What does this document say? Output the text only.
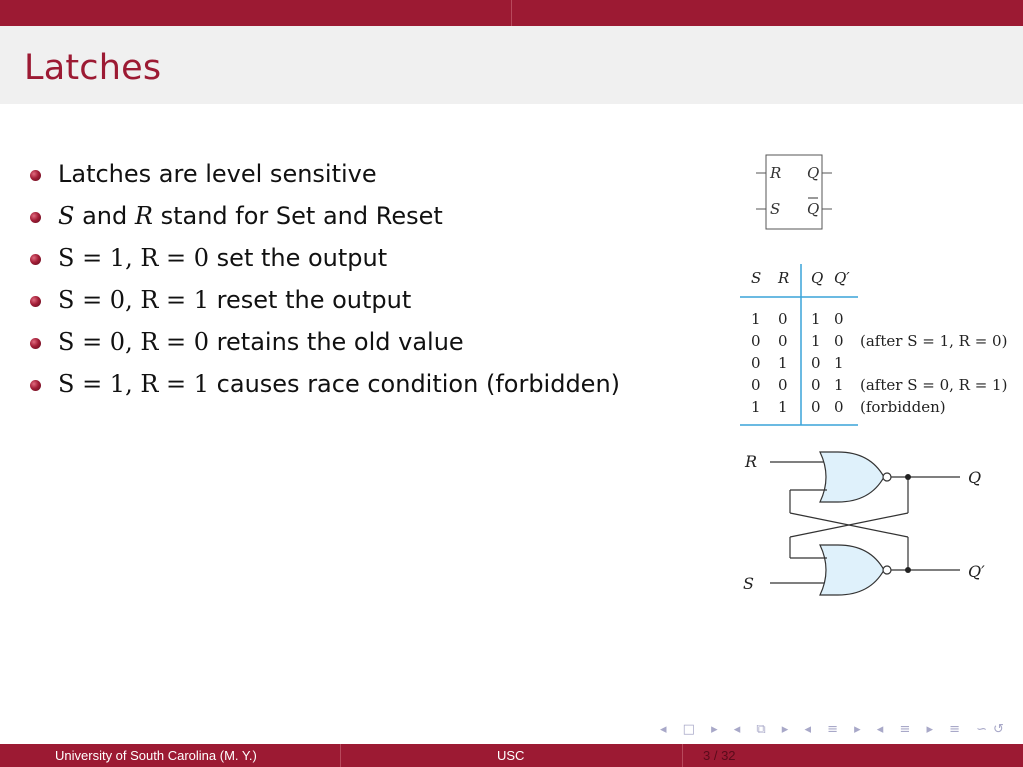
Latches
Latches are level sensitive
S and R stand for Set and Reset
S = 1, R = 0 set the output
S = 0, R = 1 reset the output
S = 0, R = 0 retains the old value
S = 1, R = 1 causes race condition (forbidden)
R
S
Q
Q
S R Q Q′
1 0 1 0
0 0 1 0 (after S = 1, R = 0)
0 1 0 1
0 0 0 1 (after S = 0, R = 1)
1 1 0 0 (forbidden)
R
S
Q
Q′
◂ □ ▸ ◂ ⧉ ▸ ◂ ≡ ▸ ◂ ≡ ▸ ≡ ∽↺
University of South Carolina (M. Y.)	USC	3 / 32
